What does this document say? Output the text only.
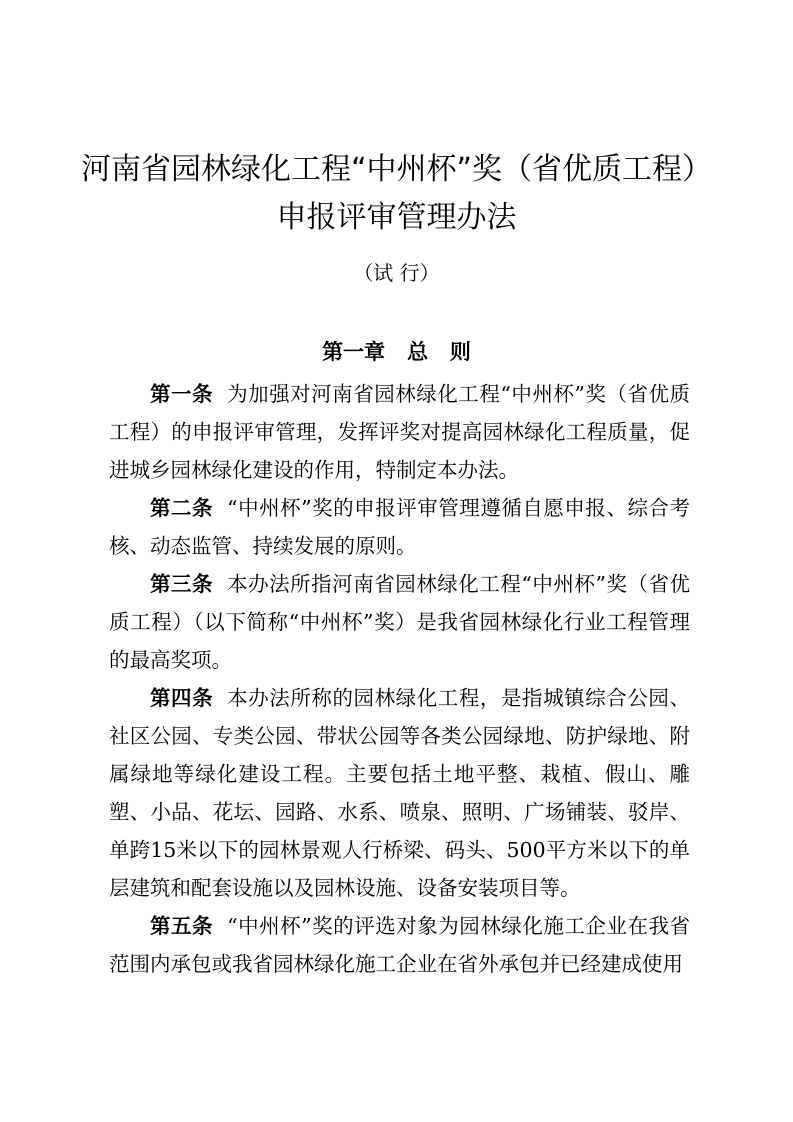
河南省园林绿化工程“中州杯”奖（省优质工程）
申报评审管理办法
（试 行）
第一章   总   则

第一条 为加强对河南省园林绿化工程“中州杯”奖（省优质工程）的申报评审管理，发挥评奖对提高园林绿化工程质量，促进城乡园林绿化建设的作用，特制定本办法。

第二条 “中州杯”奖的申报评审管理遵循自愿申报、综合考核、动态监管、持续发展的原则。

第三条 本办法所指河南省园林绿化工程“中州杯”奖（省优质工程）（以下简称“中州杯”奖）是我省园林绿化行业工程管理的最高奖项。

第四条 本办法所称的园林绿化工程，是指城镇综合公园、社区公园、专类公园、带状公园等各类公园绿地、防护绿地、附属绿地等绿化建设工程。主要包括土地平整、栽植、假山、雕塑、小品、花坛、园路、水系、喷泉、照明、广场铺装、驳岸、单跨15米以下的园林景观人行桥梁、码头、500平方米以下的单层建筑和配套设施以及园林设施、设备安装项目等。

第五条 “中州杯”奖的评选对象为园林绿化施工企业在我省范围内承包或我省园林绿化施工企业在省外承包并已经建成使用
